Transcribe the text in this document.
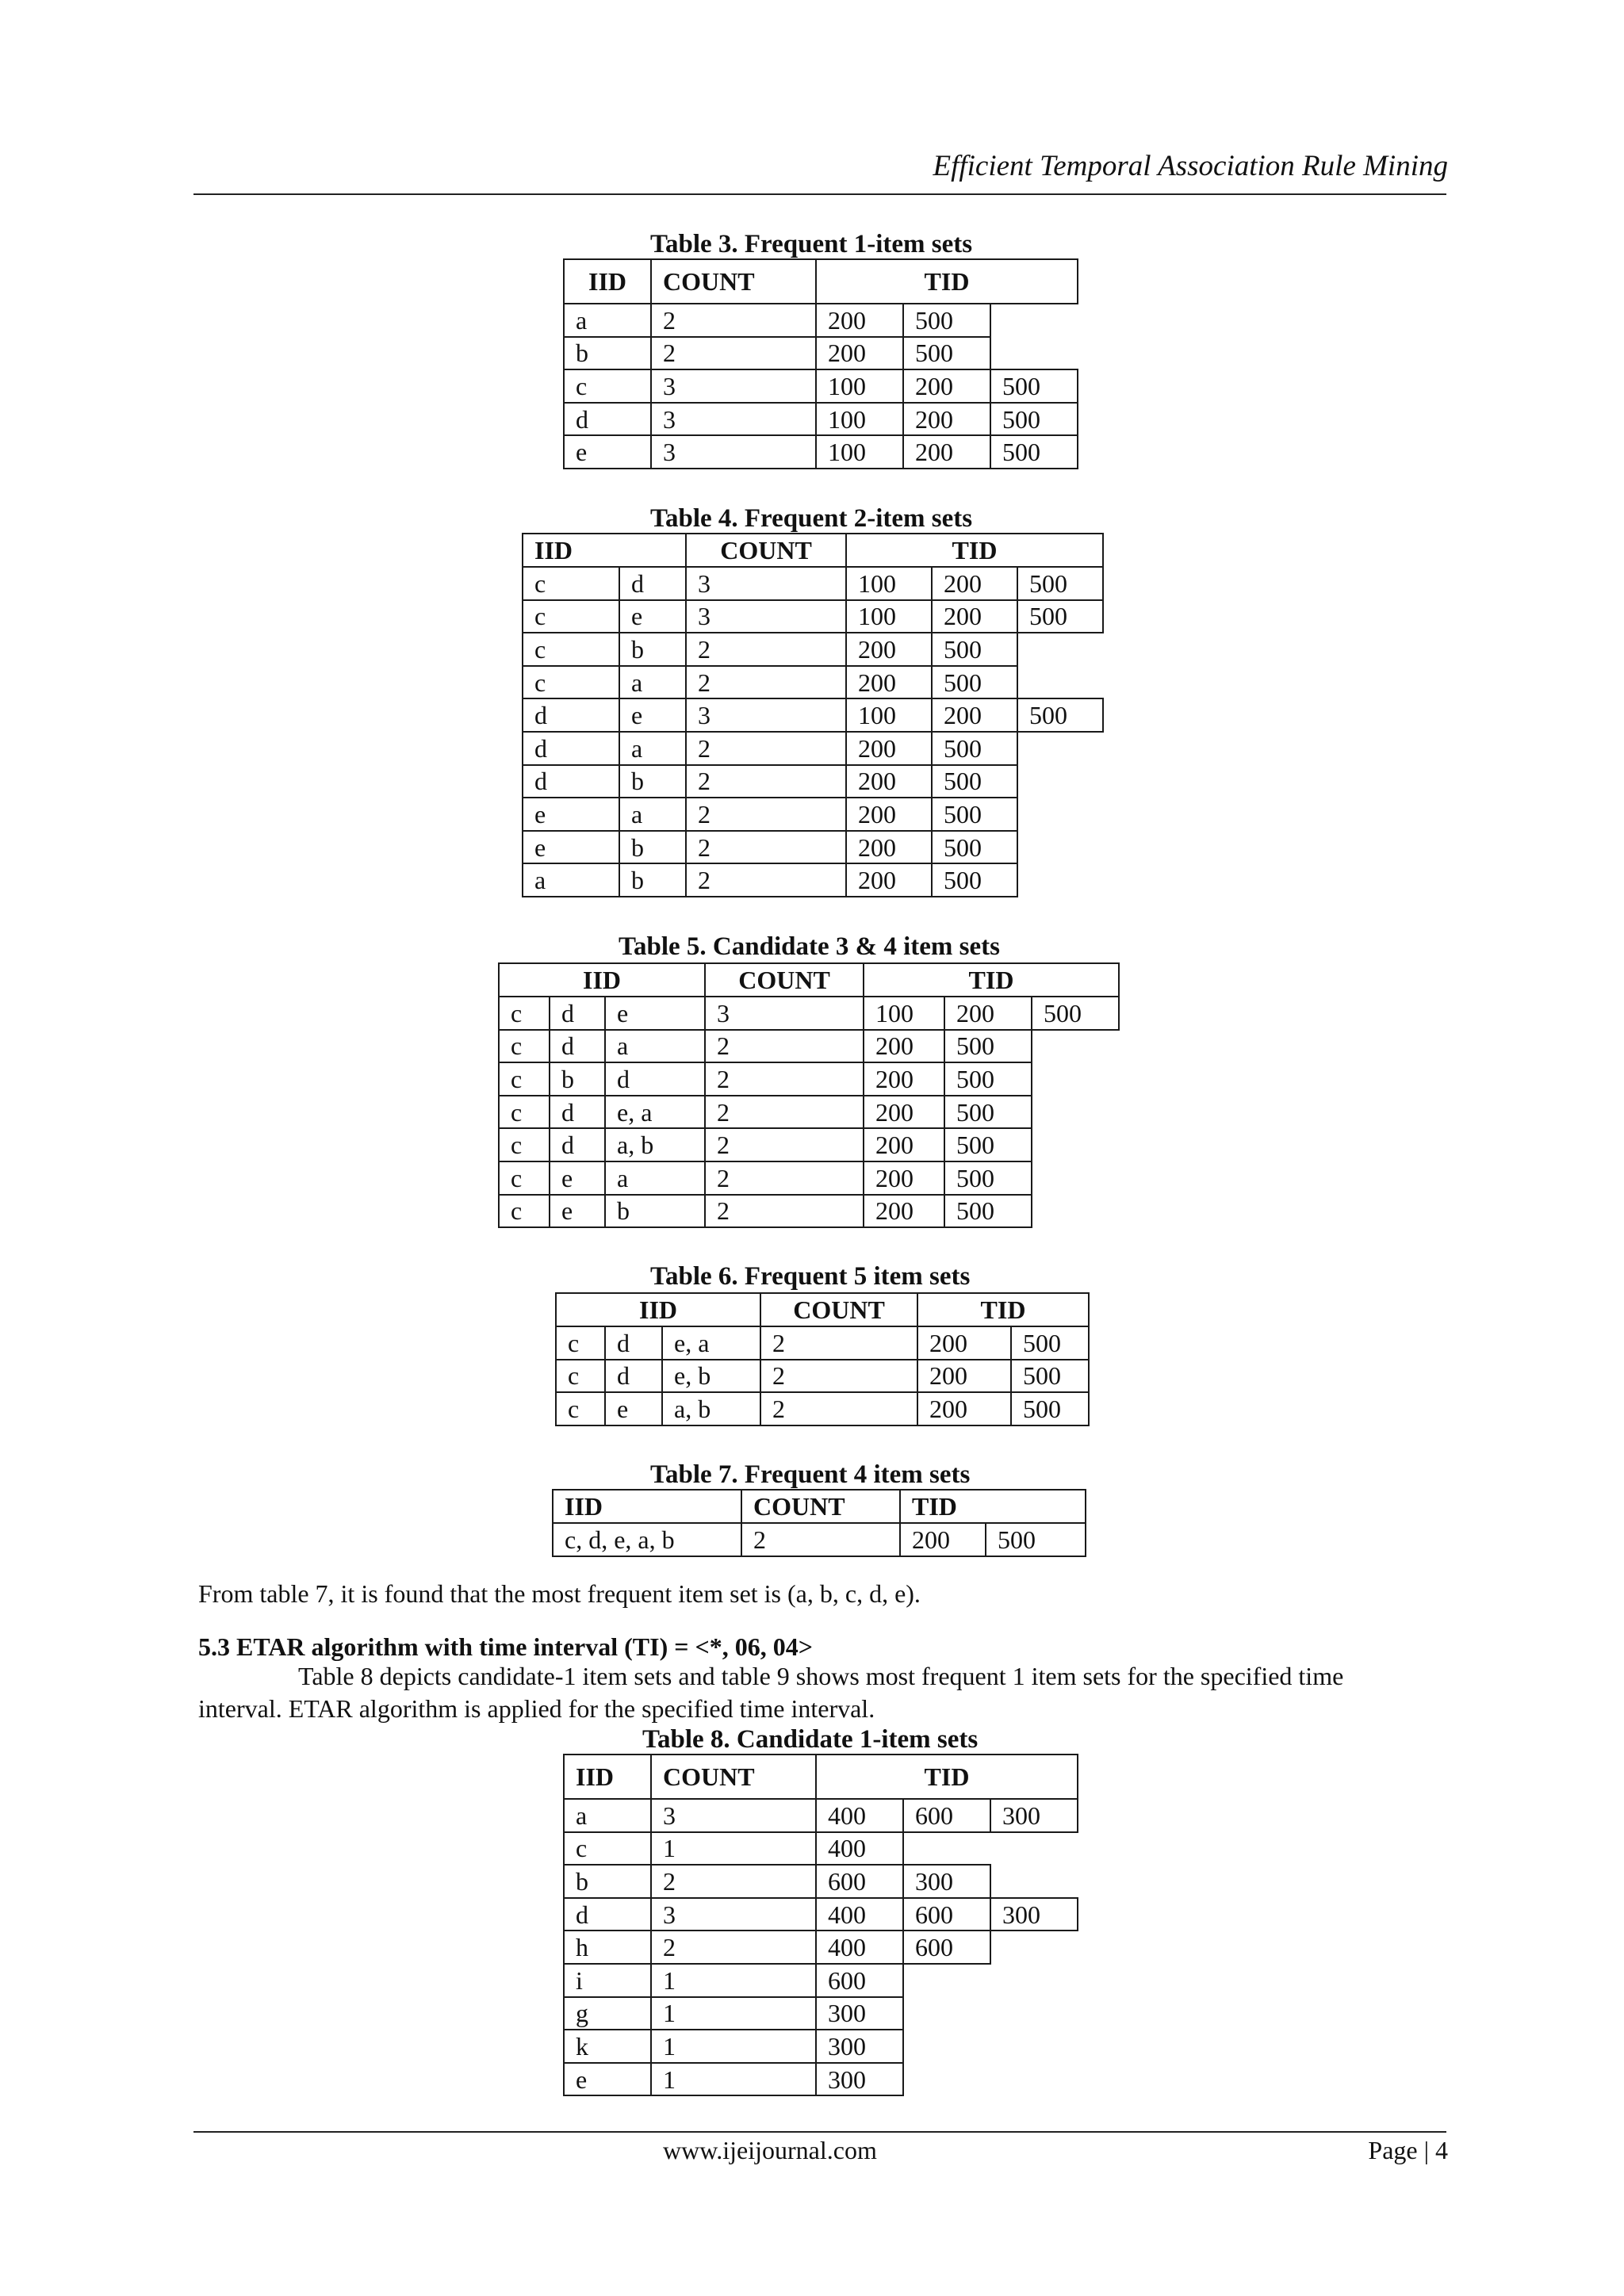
Efficient Temporal Association Rule Mining
Table 3. Frequent 1-item sets
Table 4. Frequent 2-item sets
Table 5. Candidate 3 & 4 item sets
Table 6. Frequent 5 item sets
Table 7. Frequent 4 item sets
Table 8. Candidate 1-item sets
IID	COUNT	TID
a	2	200	500
b	2	200	500
c	3	100	200	500
d	3	100	200	500
e	3	100	200	500
IID	COUNT	TID
c	d	3	100	200	500
c	e	3	100	200	500
c	b	2	200	500
c	a	2	200	500
d	e	3	100	200	500
d	a	2	200	500
d	b	2	200	500
e	a	2	200	500
e	b	2	200	500
a	b	2	200	500
IID	COUNT	TID
c	d	e	3	100	200	500
c	d	a	2	200	500
c	b	d	2	200	500
c	d	e, a	2	200	500
c	d	a, b	2	200	500
c	e	a	2	200	500
c	e	b	2	200	500
IID	COUNT	TID
c	d	e, a	2	200	500
c	d	e, b	2	200	500
c	e	a, b	2	200	500
IID	COUNT	TID
c, d, e, a, b	2	200	500
IID	COUNT	TID
a	3	400	600	300
c	1	400
b	2	600	300
d	3	400	600	300
h	2	400	600
i	1	600
g	1	300
k	1	300
e	1	300
From table 7, it is found that the most frequent item set is (a, b, c, d, e).
5.3 ETAR algorithm with time interval (TI) = <*, 06, 04>
Table 8 depicts candidate-1 item sets and table 9 shows most frequent 1 item sets for the specified time
interval. ETAR algorithm is applied for the specified time interval.
www.ijeijournal.com	Page | 4
